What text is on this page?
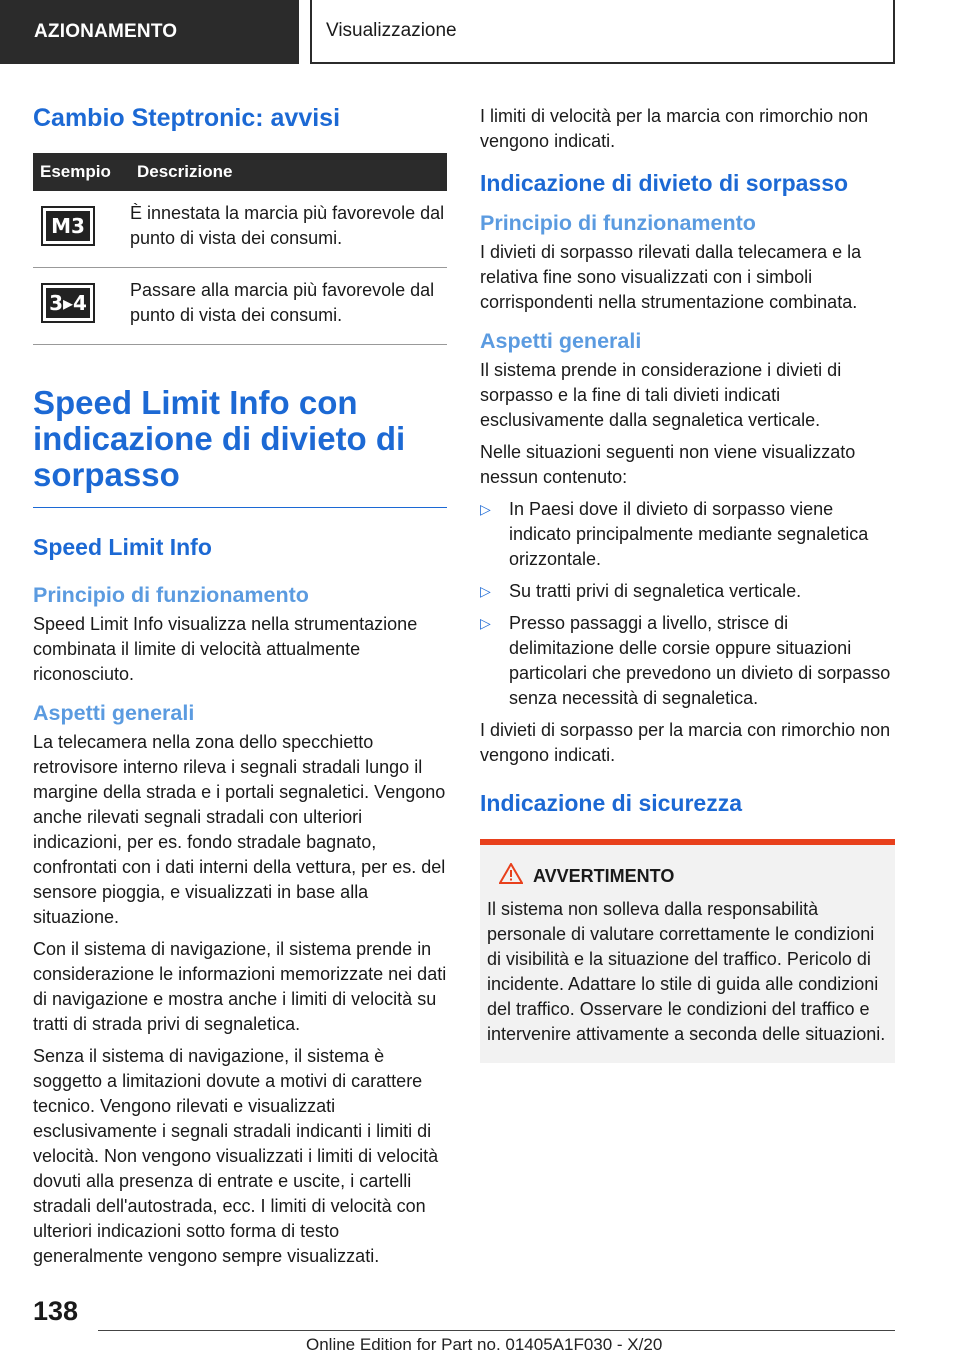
AZIONAMENTO	Visualizzazione
Cambio Steptronic: avvisi
Esempio	Descrizione

M3	È innestata la marcia più favorevole dal punto di vista dei consumi.

3▸4	Passare alla marcia più favorevole dal punto di vista dei consumi.
Speed Limit Info con indicazione di divieto di sorpasso
Speed Limit Info
Principio di funzionamento

Speed Limit Info visualizza nella strumentazione combinata il limite di velocità attualmente riconosciuto.

Aspetti generali

La telecamera nella zona dello specchietto retrovisore interno rileva i segnali stradali lungo il margine della strada e i portali segnaletici. Vengono anche rilevati segnali stradali con ulteriori indicazioni, per es. fondo stradale bagnato, confrontati con i dati interni della vettura, per es. del sensore pioggia, e visualizzati in base alla situazione.

Con il sistema di navigazione, il sistema prende in considerazione le informazioni memorizzate nei dati di navigazione e mostra anche i limiti di velocità su tratti di strada privi di segnaletica.

Senza il sistema di navigazione, il sistema è soggetto a limitazioni dovute a motivi di carattere tecnico. Vengono rilevati e visualizzati esclusivamente i segnali stradali indicanti i limiti di velocità. Non vengono visualizzati i limiti di velocità dovuti alla presenza di entrate e uscite, i cartelli stradali dell'autostrada, ecc. I limiti di velocità con ulteriori indicazioni sotto forma di testo generalmente vengono sempre visualizzati.

I limiti di velocità per la marcia con rimorchio non vengono indicati.

Indicazione di divieto di sorpasso
Principio di funzionamento

I divieti di sorpasso rilevati dalla telecamera e la relativa fine sono visualizzati con i simboli corrispondenti nella strumentazione combinata.

Aspetti generali

Il sistema prende in considerazione i divieti di sorpasso e la fine di tali divieti indicati esclusivamente dalla segnaletica verticale.

Nelle situazioni seguenti non viene visualizzato nessun contenuto:

▷ In Paesi dove il divieto di sorpasso viene indicato principalmente mediante segnaletica orizzontale.
▷ Su tratti privi di segnaletica verticale.
▷ Presso passaggi a livello, strisce di delimitazione delle corsie oppure situazioni particolari che prevedono un divieto di sorpasso senza necessità di segnaletica.

I divieti di sorpasso per la marcia con rimorchio non vengono indicati.

Indicazione di sicurezza
AVVERTIMENTO

Il sistema non solleva dalla responsabilità personale di valutare correttamente le condizioni di visibilità e la situazione del traffico. Pericolo di incidente. Adattare lo stile di guida alle condizioni del traffico. Osservare le condizioni del traffico e intervenire attivamente a seconda delle situazioni.

138
Online Edition for Part no. 01405A1F030 - X/20
